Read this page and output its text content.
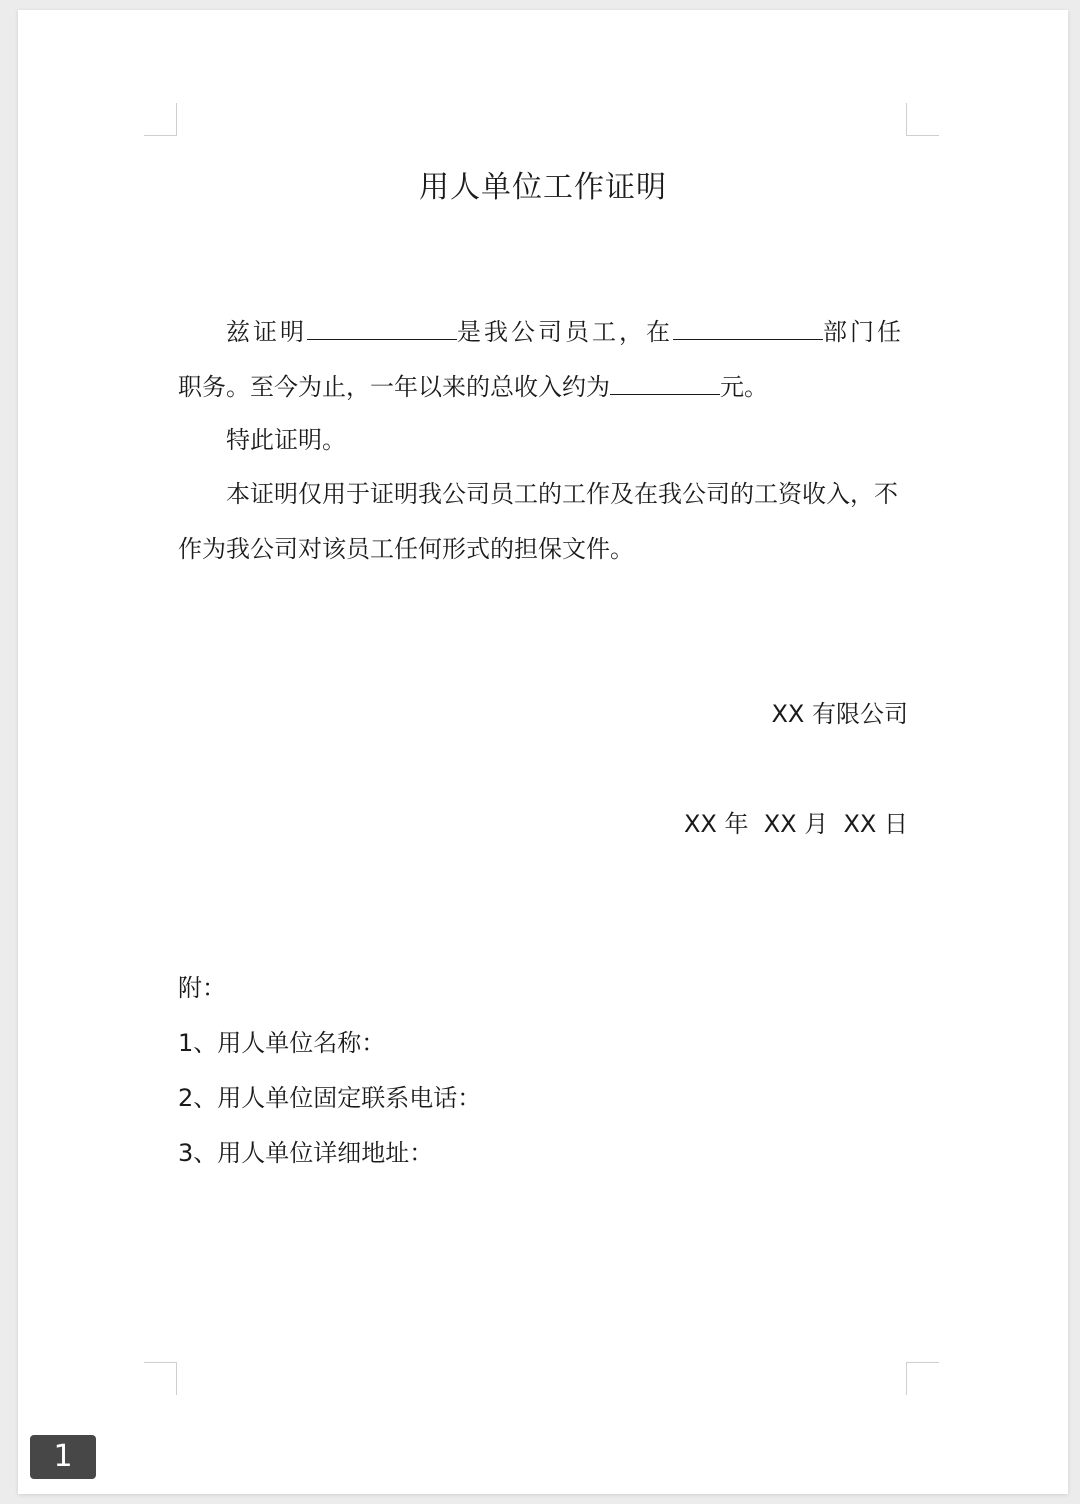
用人单位工作证明
兹证明	是我公司员工，在	部门任
职务。至今为止，一年以来的总收入约为	元。
特此证明。
本证明仅用于证明我公司员工的工作及在我公司的工资收入，不
作为我公司对该员工任何形式的担保文件。
XX 有限公司
XX 年  XX 月  XX 日
附：
1、用人单位名称：
2、用人单位固定联系电话：
3、用人单位详细地址：
1
